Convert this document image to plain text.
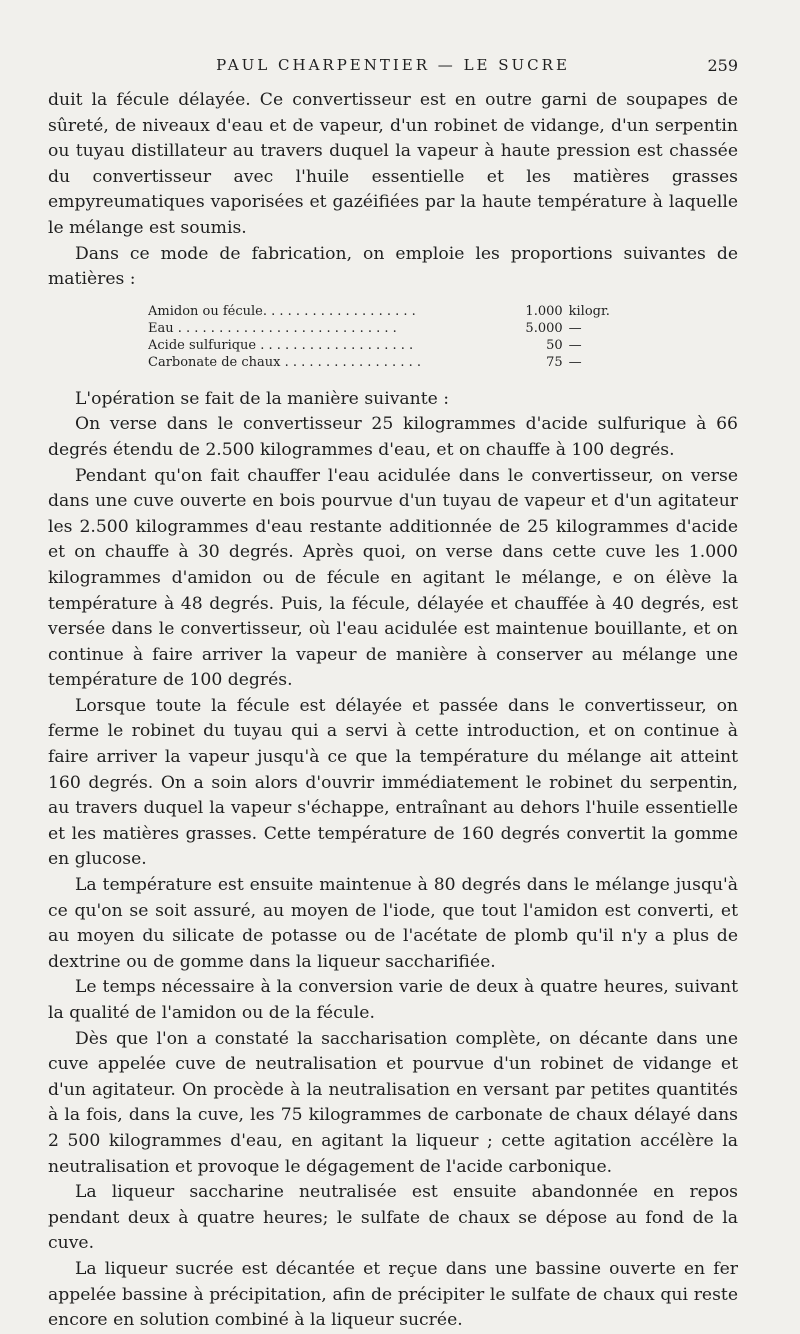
PAUL CHARPENTIER — LE SUCRE	259

duit la fécule délayée. Ce convertisseur est en outre garni de soupapes de sûreté, de niveaux d'eau et de vapeur, d'un robinet de vidange, d'un serpentin ou tuyau distillateur au travers duquel la vapeur à haute pression est chassée du convertisseur avec l'huile essentielle et les matières grasses empyreumatiques vaporisées et gazéifiées par la haute température à laquelle le mélange est soumis.

Dans ce mode de fabrication, on emploie les proportions suivantes de matières :

Amidon ou fécule. . . . . . . . . . . . . . . . . . .	1.000 kilogr.
Eau . . . . . . . . . . . . . . . . . . . . . . . . . . .	5.000 —
Acide sulfurique . . . . . . . . . . . . . . . . . . .	50 —
Carbonate de chaux . . . . . . . . . . . . . . . . .	75 —

L'opération se fait de la manière suivante :

On verse dans le convertisseur 25 kilogrammes d'acide sulfurique à 66 degrés étendu de 2.500 kilogrammes d'eau, et on chauffe à 100 degrés.

Pendant qu'on fait chauffer l'eau acidulée dans le convertisseur, on verse dans une cuve ouverte en bois pourvue d'un tuyau de vapeur et d'un agitateur les 2.500 kilogrammes d'eau restante additionnée de 25 kilogrammes d'acide et on chauffe à 30 degrés. Après quoi, on verse dans cette cuve les 1.000 kilogrammes d'amidon ou de fécule en agitant le mélange, e on élève la température à 48 degrés. Puis, la fécule, délayée et chauffée à 40 degrés, est versée dans le convertisseur, où l'eau acidulée est maintenue bouillante, et on continue à faire arriver la vapeur de manière à conserver au mélange une température de 100 degrés.

Lorsque toute la fécule est délayée et passée dans le convertisseur, on ferme le robinet du tuyau qui a servi à cette introduction, et on continue à faire arriver la vapeur jusqu'à ce que la température du mélange ait atteint 160 degrés. On a soin alors d'ouvrir immédiatement le robinet du serpentin, au travers duquel la vapeur s'échappe, entraînant au dehors l'huile essentielle et les matières grasses. Cette température de 160 degrés convertit la gomme en glucose.

La température est ensuite maintenue à 80 degrés dans le mélange jusqu'à ce qu'on se soit assuré, au moyen de l'iode, que tout l'amidon est converti, et au moyen du silicate de potasse ou de l'acétate de plomb qu'il n'y a plus de dextrine ou de gomme dans la liqueur saccharifiée.

Le temps nécessaire à la conversion varie de deux à quatre heures, suivant la qualité de l'amidon ou de la fécule.

Dès que l'on a constaté la saccharisation complète, on décante dans une cuve appelée cuve de neutralisation et pourvue d'un robinet de vidange et d'un agitateur. On procède à la neutralisation en versant par petites quantités à la fois, dans la cuve, les 75 kilogrammes de carbonate de chaux délayé dans 2 500 kilogrammes d'eau, en agitant la liqueur ; cette agitation accélère la neutralisation et provoque le dégagement de l'acide carbonique.

La liqueur saccharine neutralisée est ensuite abandonnée en repos pendant deux à quatre heures; le sulfate de chaux se dépose au fond de la cuve.

La liqueur sucrée est décantée et reçue dans une bassine ouverte en fer appelée bassine à précipitation, afin de précipiter le sulfate de chaux qui reste encore en solution combiné à la liqueur sucrée.
